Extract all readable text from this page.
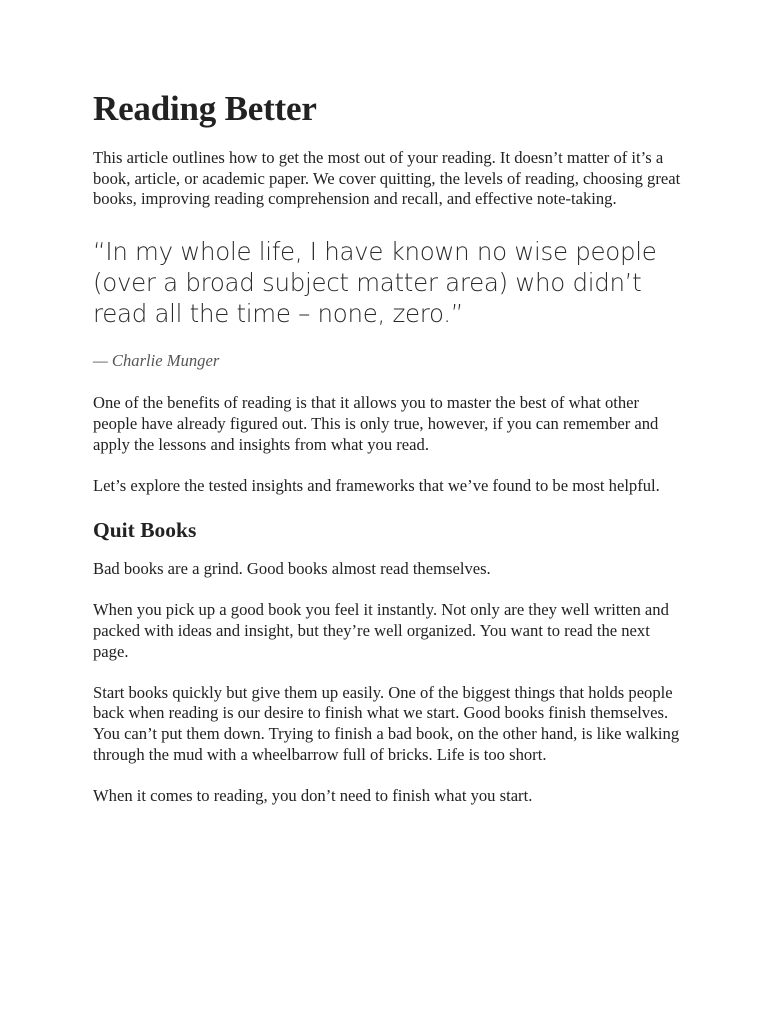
Reading Better

This article outlines how to get the most out of your reading. It doesn’t matter of it’s a book, article, or academic paper. We cover quitting, the levels of reading, choosing great books, improving reading comprehension and recall, and effective note-taking.

“In my whole life, I have known no wise people (over a broad subject matter area) who didn’t read all the time – none, zero.”

— Charlie Munger

One of the benefits of reading is that it allows you to master the best of what other people have already figured out. This is only true, however, if you can remember and apply the lessons and insights from what you read.

Let’s explore the tested insights and frameworks that we’ve found to be most helpful.

Quit Books

Bad books are a grind. Good books almost read themselves.

When you pick up a good book you feel it instantly. Not only are they well written and packed with ideas and insight, but they’re well organized. You want to read the next page.

Start books quickly but give them up easily. One of the biggest things that holds people back when reading is our desire to finish what we start. Good books finish themselves. You can’t put them down. Trying to finish a bad book, on the other hand, is like walking through the mud with a wheelbarrow full of bricks. Life is too short.

When it comes to reading, you don’t need to finish what you start.
